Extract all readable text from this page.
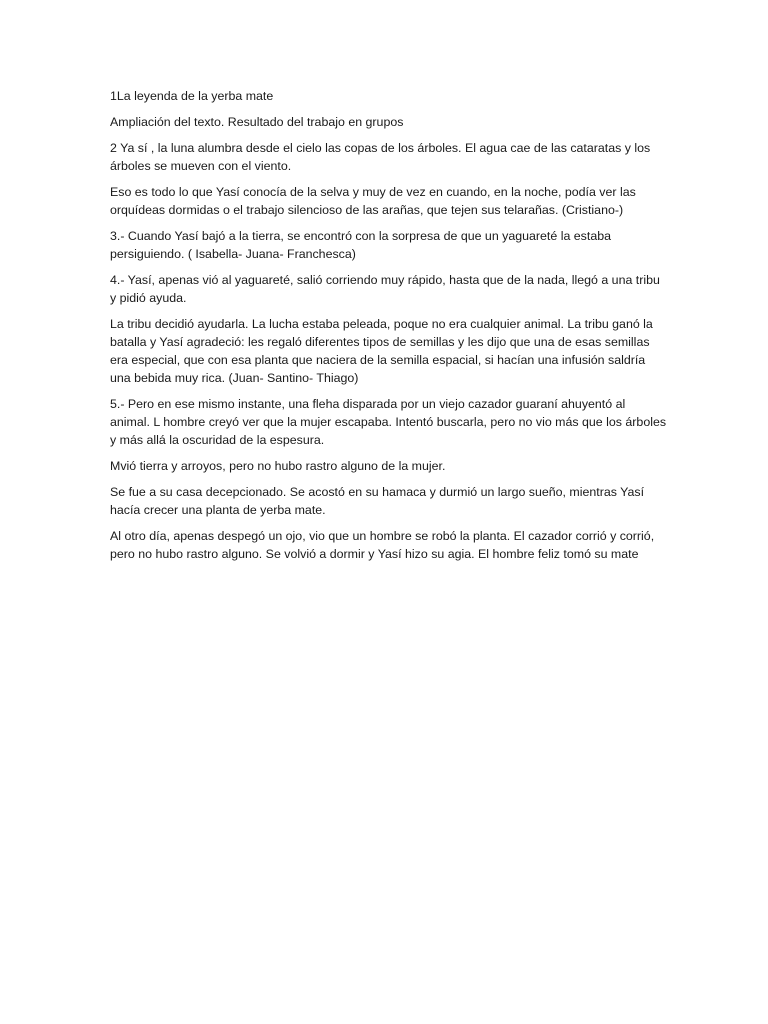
1La leyenda de la yerba mate

Ampliación del texto. Resultado del trabajo en grupos

2 Ya sí , la luna alumbra desde el cielo las copas de los árboles. El agua cae de las cataratas y los árboles se mueven con el viento.

Eso es todo lo que Yasí conocía de la selva y muy de vez en cuando, en la noche, podía ver las orquídeas dormidas o el trabajo silencioso de las arañas, que tejen sus telarañas. (Cristiano-)

3.- Cuando Yasí bajó a la tierra, se encontró con la sorpresa de que un yaguareté la estaba persiguiendo. ( Isabella- Juana- Franchesca)

4.- Yasí, apenas vió al yaguareté, salió corriendo muy rápido, hasta que de la nada, llegó a una tribu y pidió ayuda.

La tribu decidió ayudarla. La lucha estaba peleada, poque no era cualquier animal. La tribu ganó la batalla y Yasí agradeció: les regaló diferentes tipos de semillas y les dijo que una de esas semillas era especial, que con esa planta que naciera de la semilla espacial, si hacían una infusión saldría una bebida muy rica. (Juan- Santino- Thiago)

5.- Pero en ese mismo instante, una fleha disparada por un viejo cazador guaraní ahuyentó al animal. L hombre creyó ver que la mujer escapaba. Intentó buscarla, pero no vio más que los árboles y más allá la oscuridad de la espesura.

Mvió tierra y arroyos, pero no hubo rastro alguno de la mujer.

Se fue a su casa decepcionado. Se acostó en su hamaca y durmió un largo sueño, mientras Yasí hacía crecer una planta de yerba mate.

Al otro día, apenas despegó un ojo, vio que un hombre se robó la planta. El cazador corrió y corrió, pero no hubo rastro alguno. Se volvió a dormir y Yasí hizo su agia. El hombre feliz tomó su mate
